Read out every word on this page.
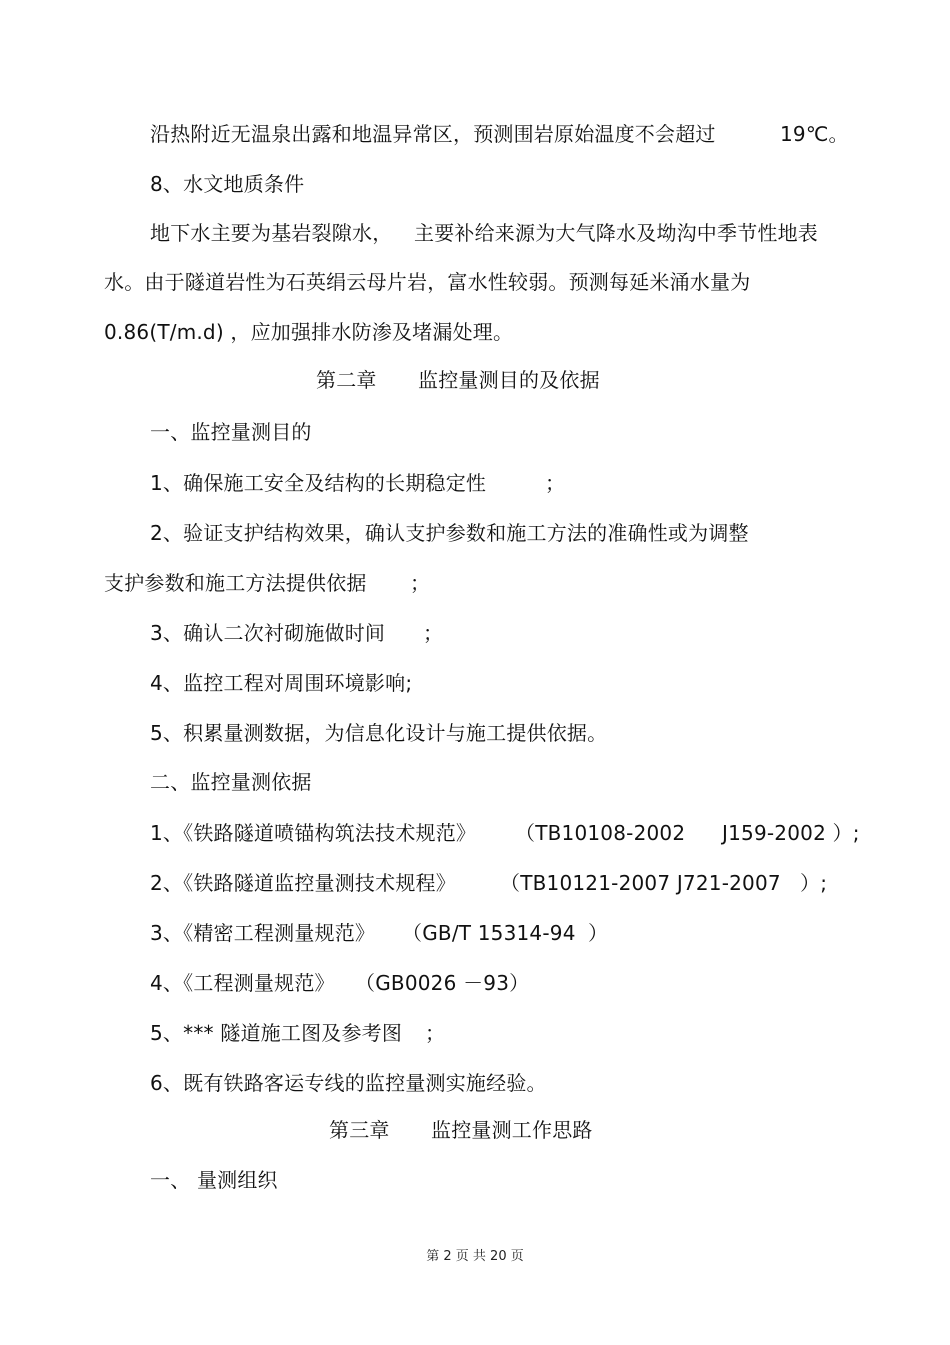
沿热附近无温泉出露和地温异常区，预测围岩原始温度不会超过	19℃。
8、水文地质条件
地下水主要为基岩裂隙水， 主要补给来源为大气降水及坳沟中季节性地表
水。由于隧道岩性为石英绢云母片岩，富水性较弱。预测每延米涌水量为
0.86(T/m.d) ，应加强排水防渗及堵漏处理。
第二章 监控量测目的及依据
一、监控量测目的
1、确保施工安全及结构的长期稳定性	；
2、验证支护结构效果，确认支护参数和施工方法的准确性或为调整
支护参数和施工方法提供依据 ；
3、确认二次衬砌施做时间 ；
4、监控工程对周围环境影响;
5、积累量测数据，为信息化设计与施工提供依据。
二、监控量测依据
1、《铁路隧道喷锚构筑法技术规范》 （TB10108-2002 J159-2002 ）;
2、《铁路隧道监控量测技术规程》 （TB10121-2007 J721-2007 ）;
3、《精密工程测量规范》 （GB/T 15314-94 ）
4、《工程测量规范》 （GB0026 －93）
5、*** 隧道施工图及参考图 ；
6、既有铁路客运专线的监控量测实施经验。
第三章 监控量测工作思路
一、 量测组织
第 2 页 共 20 页
